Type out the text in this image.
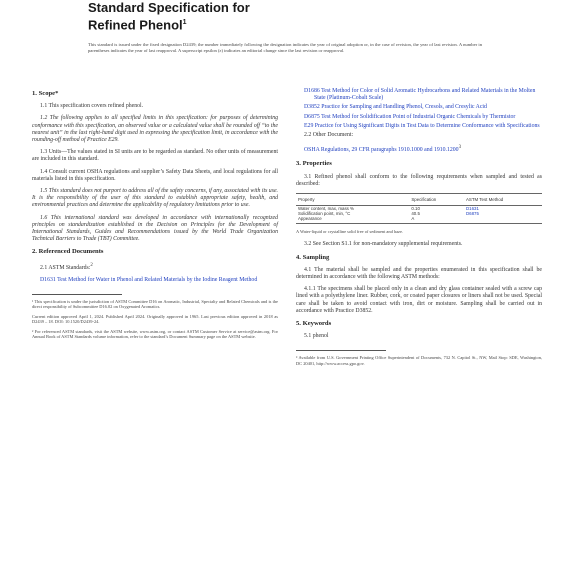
Standard Specification for
Refined Phenol$^1$
This standard is issued under the fixed designation D2439; the number immediately following the designation indicates the year of original adoption or, in the case of revision, the year of last revision. A number in parentheses indicates the year of last reapproval. A superscript epsilon (ε) indicates an editorial change since the last revision or reapproval.
1. Scope*

1.1 This specification covers refined phenol.

1.2 The following applies to all specified limits in this specification: for purposes of determining conformance with this specification, an observed value or a calculated value shall be rounded off “to the nearest unit” in the last right-hand digit used in expressing the specification limit, in accordance with the rounding-off method of Practice E29.

1.3 Units—The values stated in SI units are to be regarded as standard. No other units of measurement are included in this standard.

1.4 Consult current OSHA regulations and supplier’s Safety Data Sheets, and local regulations for all materials listed in this specification.

1.5 This standard does not purport to address all of the safety concerns, if any, associated with its use. It is the responsibility of the user of this standard to establish appropriate safety, health, and environmental practices and determine the applicability of regulatory limitations prior to use.

1.6 This international standard was developed in accordance with internationally recognized principles on standardization established in the Decision on Principles for the Development of International Standards, Guides and Recommendations issued by the World Trade Organization Technical Barriers to Trade (TBT) Committee.

2. Referenced Documents

2.1 ASTM Standards:$^2$

D1631 Test Method for Water in Phenol and Related Materials by the Iodine Reagent Method

¹ This specification is under the jurisdiction of ASTM Committee D16 on Aromatic, Industrial, Specialty and Related Chemicals and is the direct responsibility of Subcommittee D16.02 on Oxygenated Aromatics.

Current edition approved April 1, 2024. Published April 2024. Originally approved in 1965. Last previous edition approved in 2018 as D2439 – 18. DOI: 10.1520/D2439-24.

² For referenced ASTM standards, visit the ASTM website, www.astm.org, or contact ASTM Customer Service at service@astm.org. For Annual Book of ASTM Standards volume information, refer to the standard’s Document Summary page on the ASTM website.

D1686 Test Method for Color of Solid Aromatic Hydrocarbons and Related Materials in the Molten State (Platinum-Cobalt Scale)

D3852 Practice for Sampling and Handling Phenol, Cresols, and Cresylic Acid

D6875 Test Method for Solidification Point of Industrial Organic Chemicals by Thermistor

E29 Practice for Using Significant Digits in Test Data to Determine Conformance with Specifications

2.2 Other Document:

OSHA Regulations, 29 CFR paragraphs 1910.1000 and 1910.1200$^3$

3. Properties

3.1 Refined phenol shall conform to the following requirements when sampled and tested as described:

Property	Specification	ASTM Test Method
Water content, max, mass %	0.10	D1631
Solidification point, min, °C	40.5	D6875
Appearance	A	

A Water-liquid or crystalline solid free of sediment and haze.

3.2 See Section S1.1 for non-mandatory supplemental requirements.

4. Sampling

4.1 The material shall be sampled and the properties enumerated in this specification shall be determined in accordance with the following ASTM methods:

4.1.1 The specimens shall be placed only in a clean and dry glass container sealed with a screw cap lined with a polyethylene liner. Rubber, cork, or coated paper closures or liners shall not be used. Special care shall be taken to avoid contact with iron, dirt or moisture. Sampling shall be carried out in accordance with Practice D3852.

5. Keywords

5.1 phenol

³ Available from U.S. Government Printing Office Superintendent of Documents, 732 N. Capitol St., NW, Mail Stop: SDE, Washington, DC 20401, http://www.access.gpo.gov.
